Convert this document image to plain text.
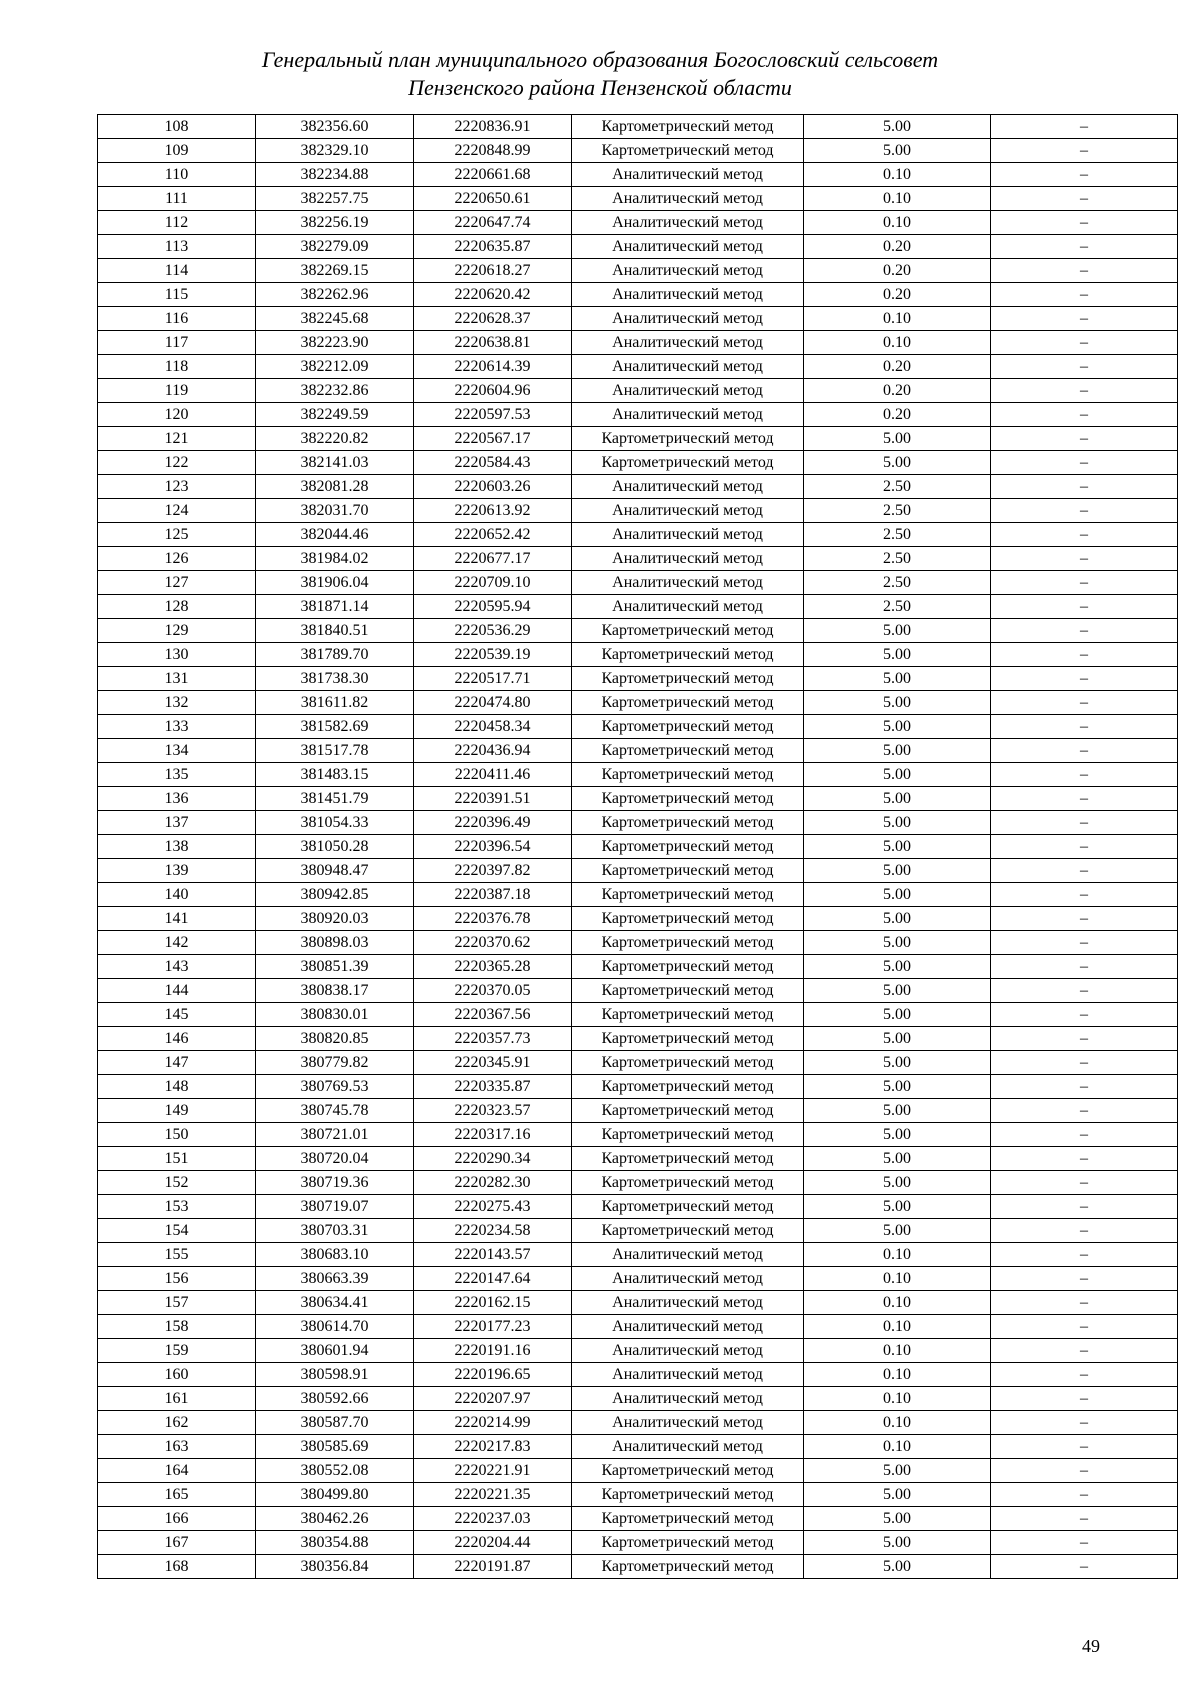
Генеральный план муниципального образования Богословский сельсовет
Пензенского района Пензенской области
108	382356.60	2220836.91	Картометрический метод	5.00	–
109	382329.10	2220848.99	Картометрический метод	5.00	–
110	382234.88	2220661.68	Аналитический метод	0.10	–
111	382257.75	2220650.61	Аналитический метод	0.10	–
112	382256.19	2220647.74	Аналитический метод	0.10	–
113	382279.09	2220635.87	Аналитический метод	0.20	–
114	382269.15	2220618.27	Аналитический метод	0.20	–
115	382262.96	2220620.42	Аналитический метод	0.20	–
116	382245.68	2220628.37	Аналитический метод	0.10	–
117	382223.90	2220638.81	Аналитический метод	0.10	–
118	382212.09	2220614.39	Аналитический метод	0.20	–
119	382232.86	2220604.96	Аналитический метод	0.20	–
120	382249.59	2220597.53	Аналитический метод	0.20	–
121	382220.82	2220567.17	Картометрический метод	5.00	–
122	382141.03	2220584.43	Картометрический метод	5.00	–
123	382081.28	2220603.26	Аналитический метод	2.50	–
124	382031.70	2220613.92	Аналитический метод	2.50	–
125	382044.46	2220652.42	Аналитический метод	2.50	–
126	381984.02	2220677.17	Аналитический метод	2.50	–
127	381906.04	2220709.10	Аналитический метод	2.50	–
128	381871.14	2220595.94	Аналитический метод	2.50	–
129	381840.51	2220536.29	Картометрический метод	5.00	–
130	381789.70	2220539.19	Картометрический метод	5.00	–
131	381738.30	2220517.71	Картометрический метод	5.00	–
132	381611.82	2220474.80	Картометрический метод	5.00	–
133	381582.69	2220458.34	Картометрический метод	5.00	–
134	381517.78	2220436.94	Картометрический метод	5.00	–
135	381483.15	2220411.46	Картометрический метод	5.00	–
136	381451.79	2220391.51	Картометрический метод	5.00	–
137	381054.33	2220396.49	Картометрический метод	5.00	–
138	381050.28	2220396.54	Картометрический метод	5.00	–
139	380948.47	2220397.82	Картометрический метод	5.00	–
140	380942.85	2220387.18	Картометрический метод	5.00	–
141	380920.03	2220376.78	Картометрический метод	5.00	–
142	380898.03	2220370.62	Картометрический метод	5.00	–
143	380851.39	2220365.28	Картометрический метод	5.00	–
144	380838.17	2220370.05	Картометрический метод	5.00	–
145	380830.01	2220367.56	Картометрический метод	5.00	–
146	380820.85	2220357.73	Картометрический метод	5.00	–
147	380779.82	2220345.91	Картометрический метод	5.00	–
148	380769.53	2220335.87	Картометрический метод	5.00	–
149	380745.78	2220323.57	Картометрический метод	5.00	–
150	380721.01	2220317.16	Картометрический метод	5.00	–
151	380720.04	2220290.34	Картометрический метод	5.00	–
152	380719.36	2220282.30	Картометрический метод	5.00	–
153	380719.07	2220275.43	Картометрический метод	5.00	–
154	380703.31	2220234.58	Картометрический метод	5.00	–
155	380683.10	2220143.57	Аналитический метод	0.10	–
156	380663.39	2220147.64	Аналитический метод	0.10	–
157	380634.41	2220162.15	Аналитический метод	0.10	–
158	380614.70	2220177.23	Аналитический метод	0.10	–
159	380601.94	2220191.16	Аналитический метод	0.10	–
160	380598.91	2220196.65	Аналитический метод	0.10	–
161	380592.66	2220207.97	Аналитический метод	0.10	–
162	380587.70	2220214.99	Аналитический метод	0.10	–
163	380585.69	2220217.83	Аналитический метод	0.10	–
164	380552.08	2220221.91	Картометрический метод	5.00	–
165	380499.80	2220221.35	Картометрический метод	5.00	–
166	380462.26	2220237.03	Картометрический метод	5.00	–
167	380354.88	2220204.44	Картометрический метод	5.00	–
168	380356.84	2220191.87	Картометрический метод	5.00	–
49
